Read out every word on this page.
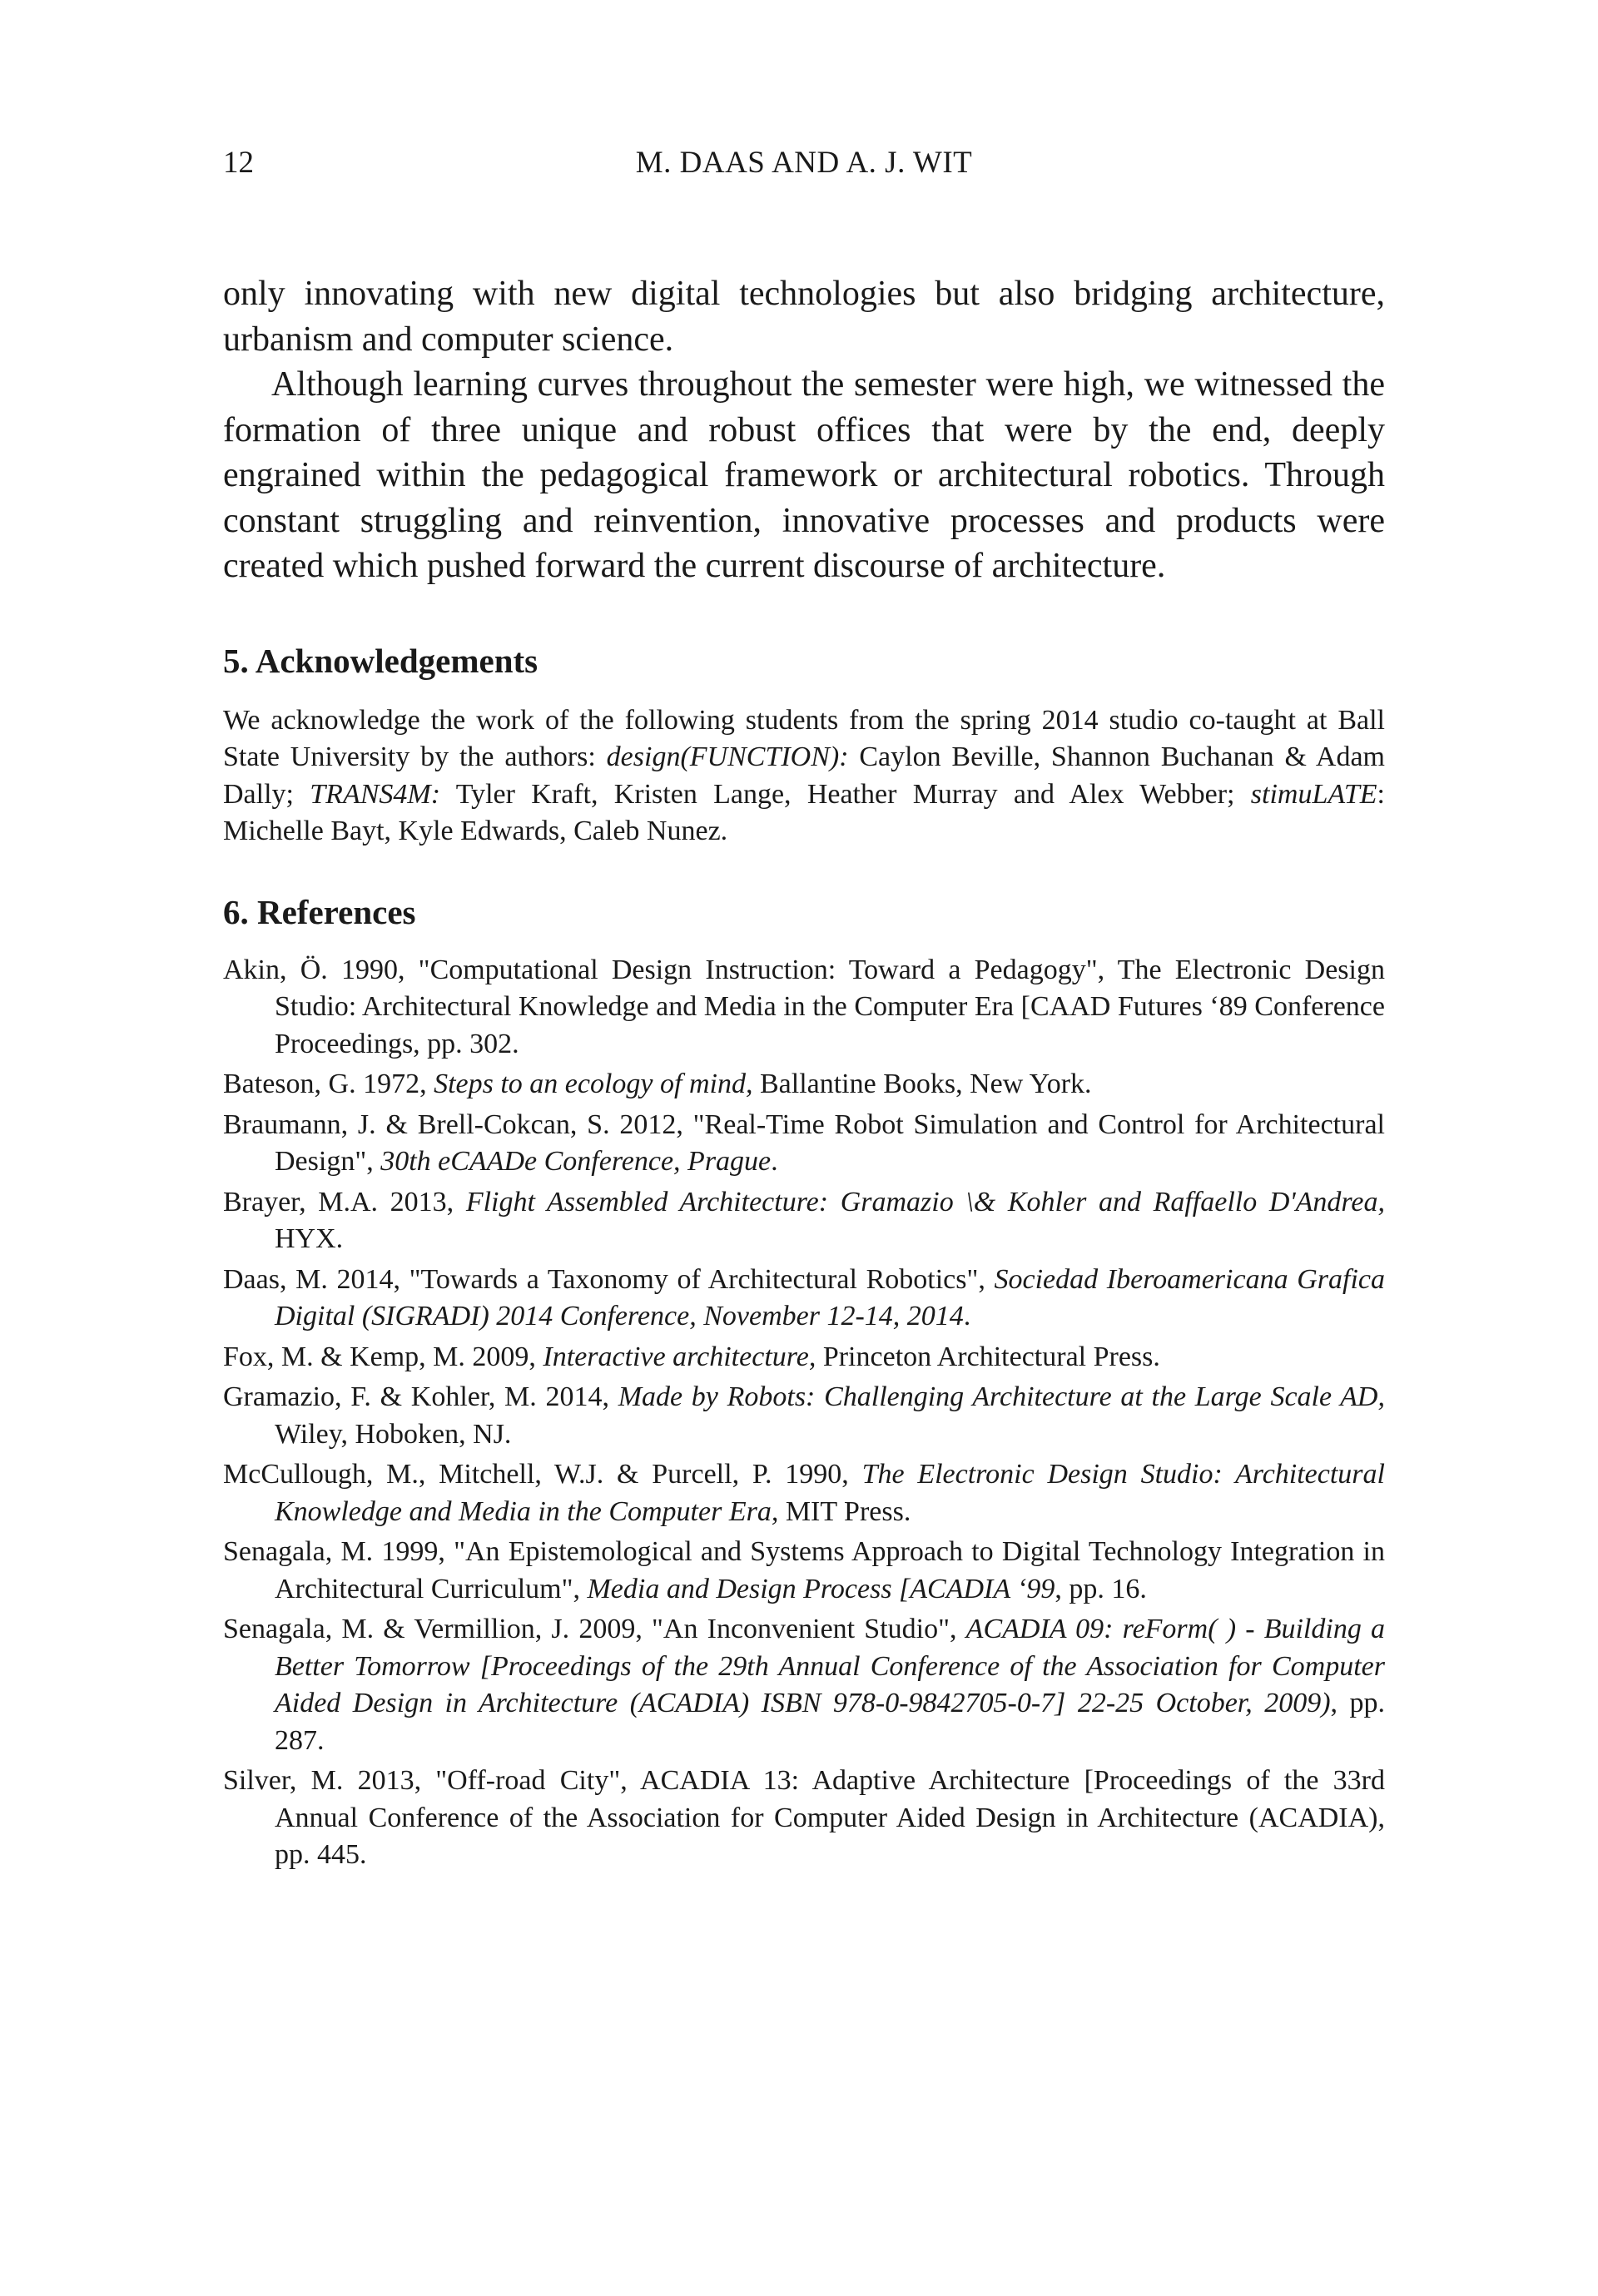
12	M. DAAS AND A. J. WIT

only innovating with new digital technologies but also bridging architecture, urbanism and computer science.

Although learning curves throughout the semester were high, we witnessed the formation of three unique and robust offices that were by the end, deeply engrained within the pedagogical framework or architectural robotics. Through constant struggling and reinvention, innovative processes and products were created which pushed forward the current discourse of architecture.

5. Acknowledgements

We acknowledge the work of the following students from the spring 2014 studio co-taught at Ball State University by the authors: design(FUNCTION): Caylon Beville, Shannon Buchanan & Adam Dally; TRANS4M: Tyler Kraft, Kristen Lange, Heather Murray and Alex Webber; stimuLATE: Michelle Bayt, Kyle Edwards, Caleb Nunez.

6. References
Akin, Ö. 1990, "Computational Design Instruction: Toward a Pedagogy", The Electronic Design Studio: Architectural Knowledge and Media in the Computer Era [CAAD Futures ‘89 Conference Proceedings, pp. 302.
Bateson, G. 1972, Steps to an ecology of mind, Ballantine Books, New York.
Braumann, J. & Brell-Cokcan, S. 2012, "Real-Time Robot Simulation and Control for Architectural Design", 30th eCAADe Conference, Prague.
Brayer, M.A. 2013, Flight Assembled Architecture: Gramazio \& Kohler and Raffaello D'Andrea, HYX.
Daas, M. 2014, "Towards a Taxonomy of Architectural Robotics", Sociedad Iberoamericana Grafica Digital (SIGRADI) 2014 Conference, November 12-14, 2014.
Fox, M. & Kemp, M. 2009, Interactive architecture, Princeton Architectural Press.
Gramazio, F. & Kohler, M. 2014, Made by Robots: Challenging Architecture at the Large Scale AD, Wiley, Hoboken, NJ.
McCullough, M., Mitchell, W.J. & Purcell, P. 1990, The Electronic Design Studio: Architectural Knowledge and Media in the Computer Era, MIT Press.
Senagala, M. 1999, "An Epistemological and Systems Approach to Digital Technology Integration in Architectural Curriculum", Media and Design Process [ACADIA ‘99, pp. 16.
Senagala, M. & Vermillion, J. 2009, "An Inconvenient Studio", ACADIA 09: reForm( ) - Building a Better Tomorrow [Proceedings of the 29th Annual Conference of the Association for Computer Aided Design in Architecture (ACADIA) ISBN 978-0-9842705-0-7] 22-25 October, 2009), pp. 287.
Silver, M. 2013, "Off-road City", ACADIA 13: Adaptive Architecture [Proceedings of the 33rd Annual Conference of the Association for Computer Aided Design in Architecture (ACADIA), pp. 445.
